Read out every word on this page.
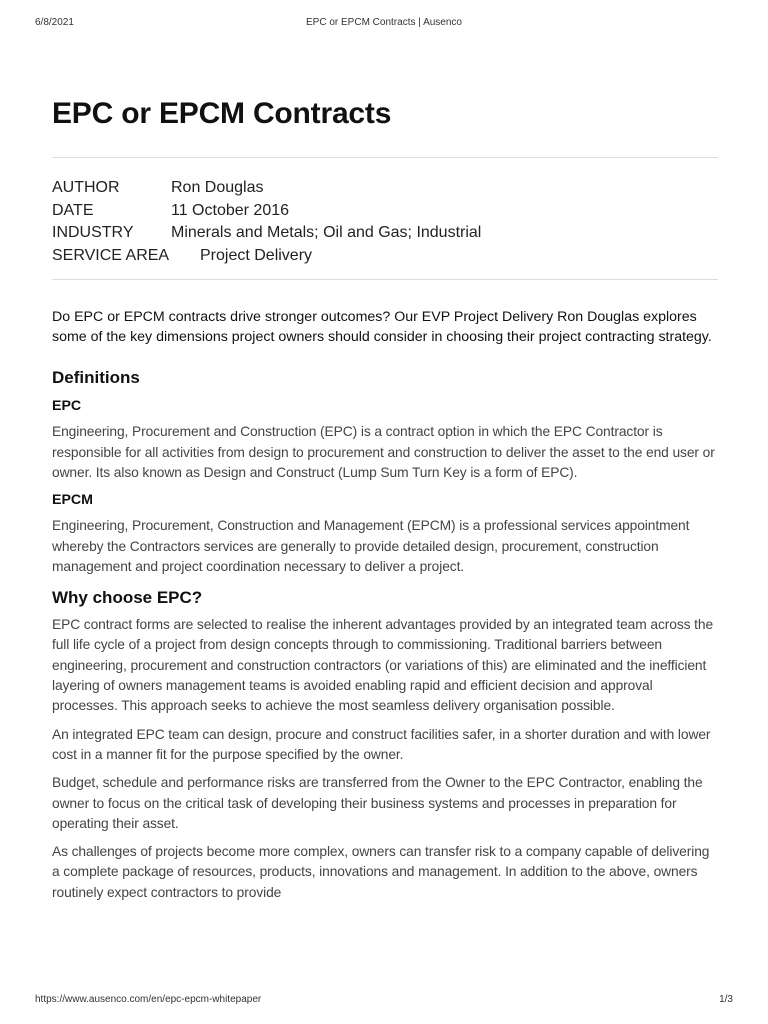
6/8/2021	EPC or EPCM Contracts | Ausenco
EPC or EPCM Contracts
AUTHOR	Ron Douglas
DATE	11 October 2016
INDUSTRY Minerals and Metals; Oil and Gas; Industrial
SERVICE AREA Project Delivery

Do EPC or EPCM contracts drive stronger outcomes? Our EVP Project Delivery Ron Douglas explores some of the key dimensions project owners should consider in choosing their project contracting strategy.

Definitions
EPC

Engineering, Procurement and Construction (EPC) is a contract option in which the EPC Contractor is responsible for all activities from design to procurement and construction to deliver the asset to the end user or owner. Its also known as Design and Construct (Lump Sum Turn Key is a form of EPC).

EPCM

Engineering, Procurement, Construction and Management (EPCM) is a professional services appointment whereby the Contractors services are generally to provide detailed design, procurement, construction management and project coordination necessary to deliver a project.

Why choose EPC?

EPC contract forms are selected to realise the inherent advantages provided by an integrated team across the full life cycle of a project from design concepts through to commissioning. Traditional barriers between engineering, procurement and construction contractors (or variations of this) are eliminated and the inefficient layering of owners management teams is avoided enabling rapid and efficient decision and approval processes. This approach seeks to achieve the most seamless delivery organisation possible.

An integrated EPC team can design, procure and construct facilities safer, in a shorter duration and with lower cost in a manner fit for the purpose specified by the owner.

Budget, schedule and performance risks are transferred from the Owner to the EPC Contractor, enabling the owner to focus on the critical task of developing their business systems and processes in preparation for operating their asset.

As challenges of projects become more complex, owners can transfer risk to a company capable of delivering a complete package of resources, products, innovations and management. In addition to the above, owners routinely expect contractors to provide

https://www.ausenco.com/en/epc-epcm-whitepaper	1/3
